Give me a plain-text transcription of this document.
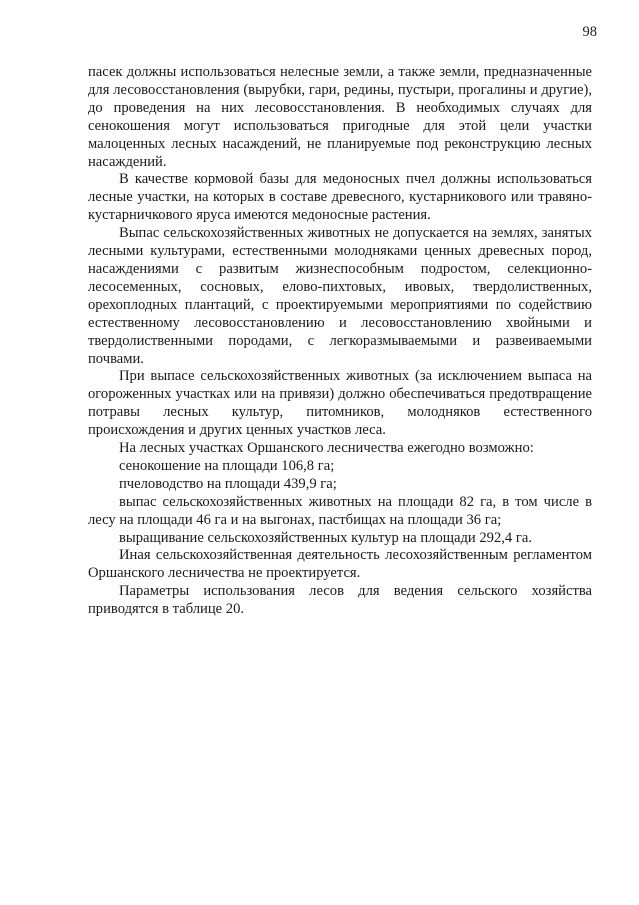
98

пасек должны использоваться нелесные земли, а также земли, предназначенные для лесовосстановления (вырубки, гари, редины, пустыри, прогалины и другие), до проведения на них лесовосстановления. В необходимых случаях для сенокошения могут использоваться пригодные для этой цели участки малоценных лесных насаждений, не планируемые под реконструкцию лесных насаждений.

В качестве кормовой базы для медоносных пчел должны использоваться лесные участки, на которых в составе древесного, кустарникового или травяно-кустарничкового яруса имеются медоносные растения.

Выпас сельскохозяйственных животных не допускается на землях, занятых лесными культурами, естественными молодняками ценных древесных пород, насаждениями с развитым жизнеспособным подростом, селекционно-лесосеменных, сосновых, елово-пихтовых, ивовых, твердолиственных, орехоплодных плантаций, с проектируемыми мероприятиями по содействию естественному лесовосстановлению и лесовосстановлению хвойными и твердолиственными породами, с легкоразмываемыми и развеиваемыми почвами.

При выпасе сельскохозяйственных животных (за исключением выпаса на огороженных участках или на привязи) должно обеспечиваться предотвращение потравы лесных культур, питомников, молодняков естественного происхождения и других ценных участков леса.

На лесных участках Оршанского лесничества ежегодно возможно:

сенокошение на площади 106,8 га;

пчеловодство на площади 439,9 га;

выпас сельскохозяйственных животных на площади 82 га, в том числе в лесу на площади 46 га и на выгонах, пастбищах на площади 36 га;

выращивание сельскохозяйственных культур на площади 292,4 га.

Иная сельскохозяйственная деятельность лесохозяйственным регламентом Оршанского лесничества не проектируется.

Параметры использования лесов для ведения сельского хозяйства приводятся в таблице 20.
